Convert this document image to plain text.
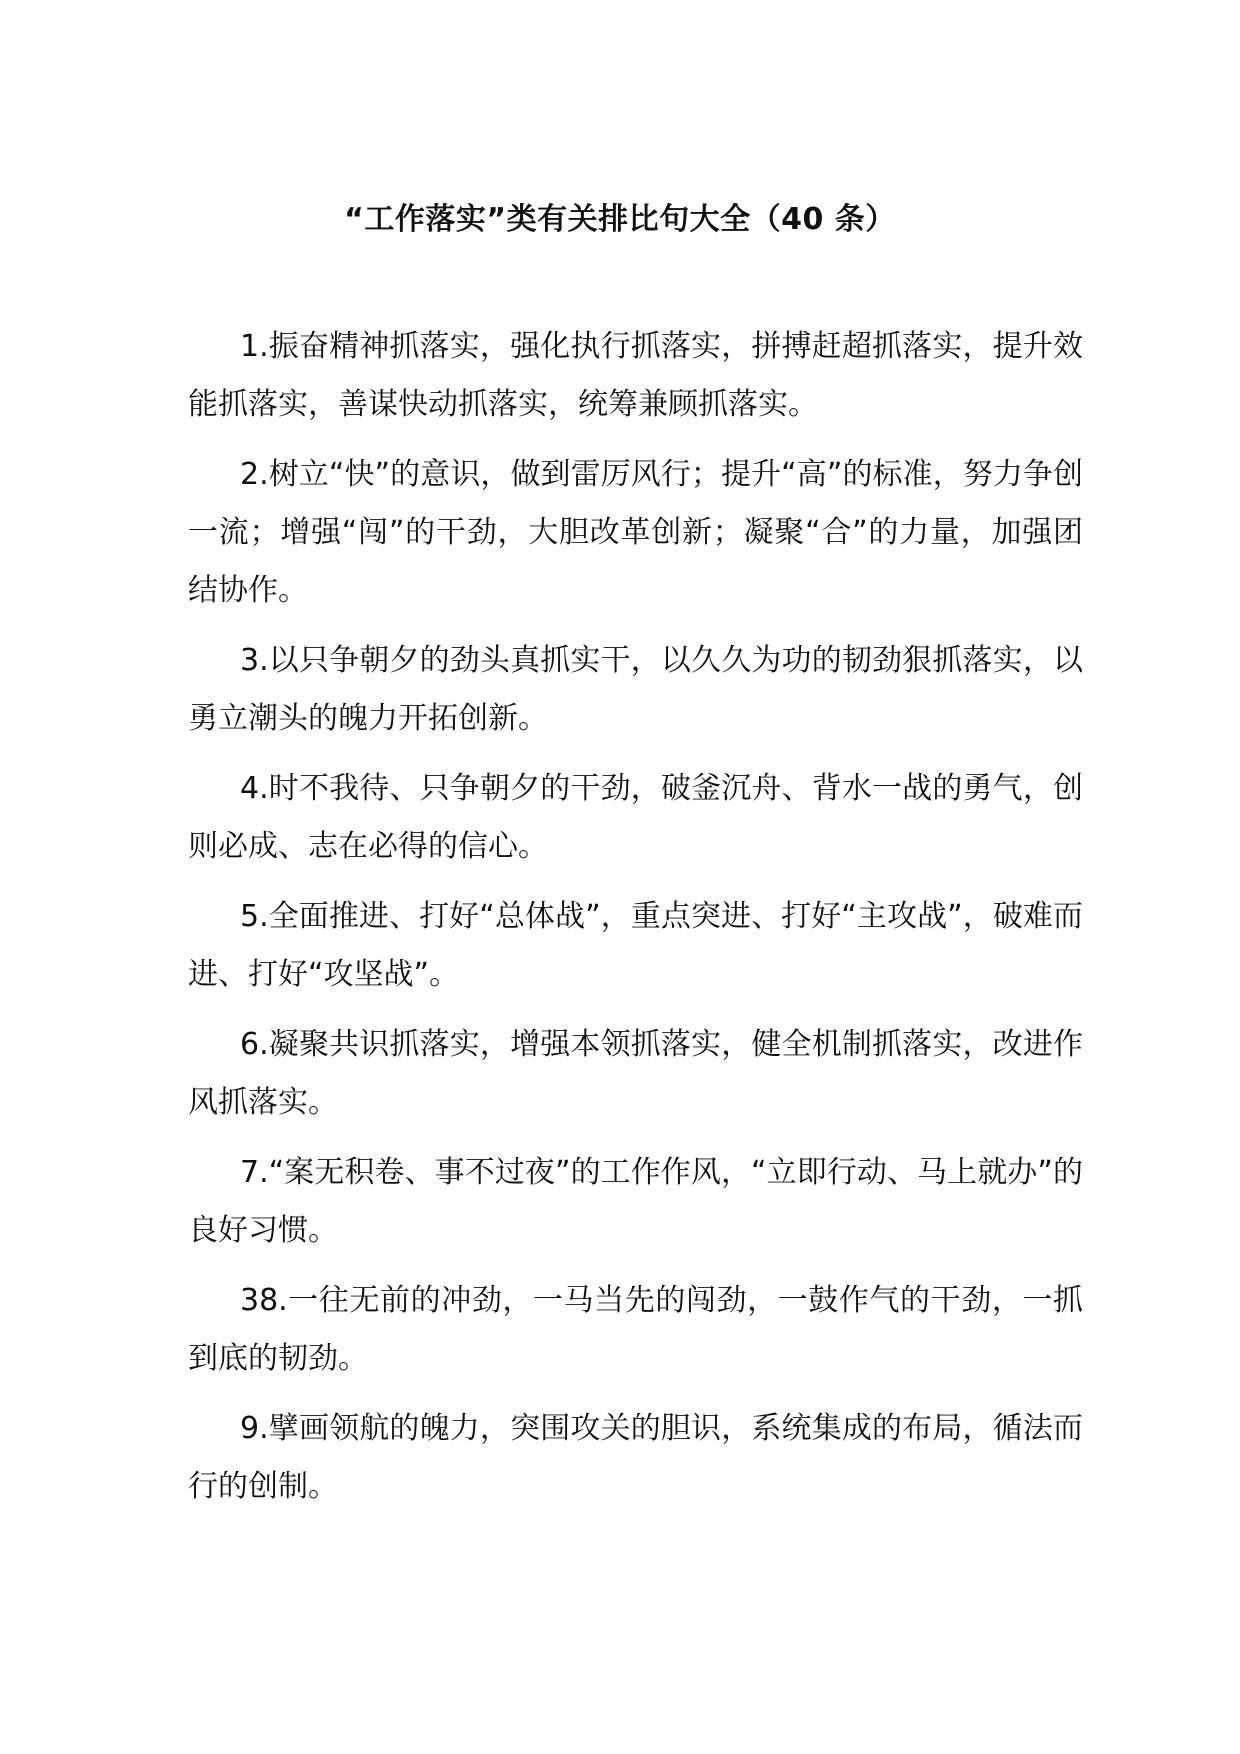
“工作落实”类有关排比句大全（40 条）

1.振奋精神抓落实，强化执行抓落实，拼搏赶超抓落实，提升效能抓落实，善谋快动抓落实，统筹兼顾抓落实。

2.树立“快”的意识，做到雷厉风行；提升“高”的标准，努力争创一流；增强“闯”的干劲，大胆改革创新；凝聚“合”的力量，加强团结协作。

3.以只争朝夕的劲头真抓实干，以久久为功的韧劲狠抓落实，以勇立潮头的魄力开拓创新。

4.时不我待、只争朝夕的干劲，破釜沉舟、背水一战的勇气，创则必成、志在必得的信心。

5.全面推进、打好“总体战”，重点突进、打好“主攻战”，破难而进、打好“攻坚战”。

6.凝聚共识抓落实，增强本领抓落实，健全机制抓落实，改进作风抓落实。

7.“案无积卷、事不过夜”的工作作风，“立即行动、马上就办”的良好习惯。

38.一往无前的冲劲，一马当先的闯劲，一鼓作气的干劲，一抓到底的韧劲。

9.擘画领航的魄力，突围攻关的胆识，系统集成的布局，循法而行的创制。
